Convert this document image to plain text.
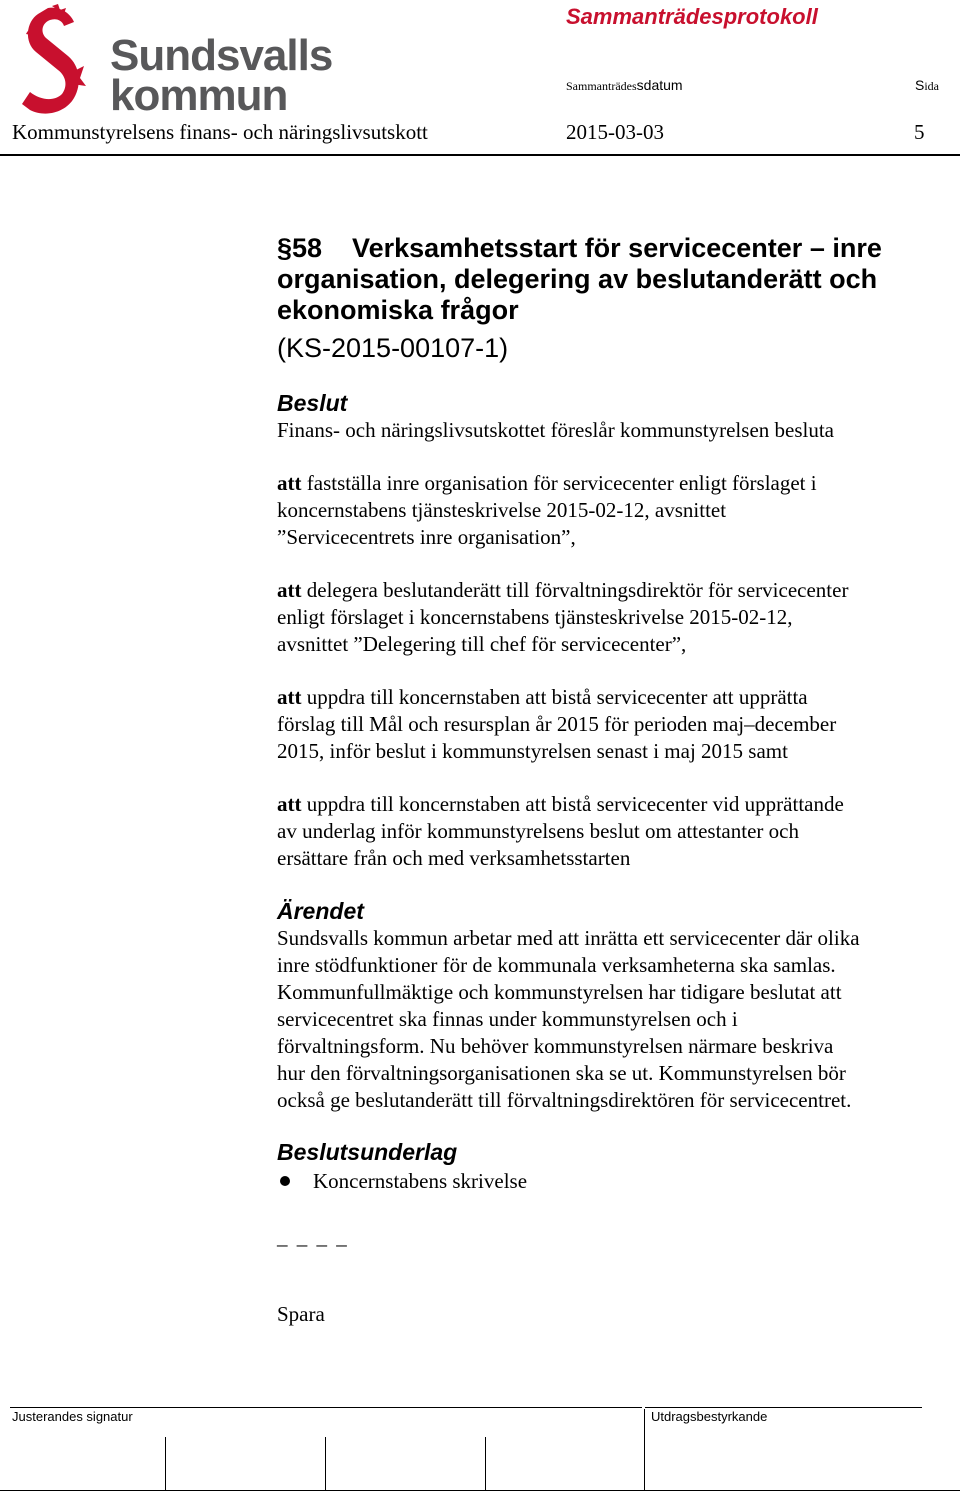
Sundsvalls
kommun
Sammanträdesprotokoll
Sammanträdessdatum	Sida
Kommunstyrelsens finans- och näringslivsutskott	2015-03-03	5
§58    Verksamhetsstart för servicecenter – inre
organisation, delegering av beslutanderätt och
ekonomiska frågor
(KS-2015-00107-1)
Beslut
Finans- och näringslivsutskottet föreslår kommunstyrelsen besluta
att fastställa inre organisation för servicecenter enligt förslaget i
koncernstabens tjänsteskrivelse 2015-02-12, avsnittet
”Servicecentrets inre organisation”,
att delegera beslutanderätt till förvaltningsdirektör för servicecenter
enligt förslaget i koncernstabens tjänsteskrivelse 2015-02-12,
avsnittet ”Delegering till chef för servicecenter”,
att uppdra till koncernstaben att bistå servicecenter att upprätta
förslag till Mål och resursplan år 2015 för perioden maj–december
2015, inför beslut i kommunstyrelsen senast i maj 2015 samt
att uppdra till koncernstaben att bistå servicecenter vid upprättande
av underlag inför kommunstyrelsens beslut om attestanter och
ersättare från och med verksamhetsstarten
Ärendet
Sundsvalls kommun arbetar med att inrätta ett servicecenter där olika
inre stödfunktioner för de kommunala verksamheterna ska samlas.
Kommunfullmäktige och kommunstyrelsen har tidigare beslutat att
servicecentret ska finnas under kommunstyrelsen och i
förvaltningsform. Nu behöver kommunstyrelsen närmare beskriva
hur den förvaltningsorganisationen ska se ut. Kommunstyrelsen bör
också ge beslutanderätt till förvaltningsdirektören för servicecentret.
Beslutsunderlag
Koncernstabens skrivelse
_ _ _ _
Spara
Justerandes signatur	Utdragsbestyrkande
